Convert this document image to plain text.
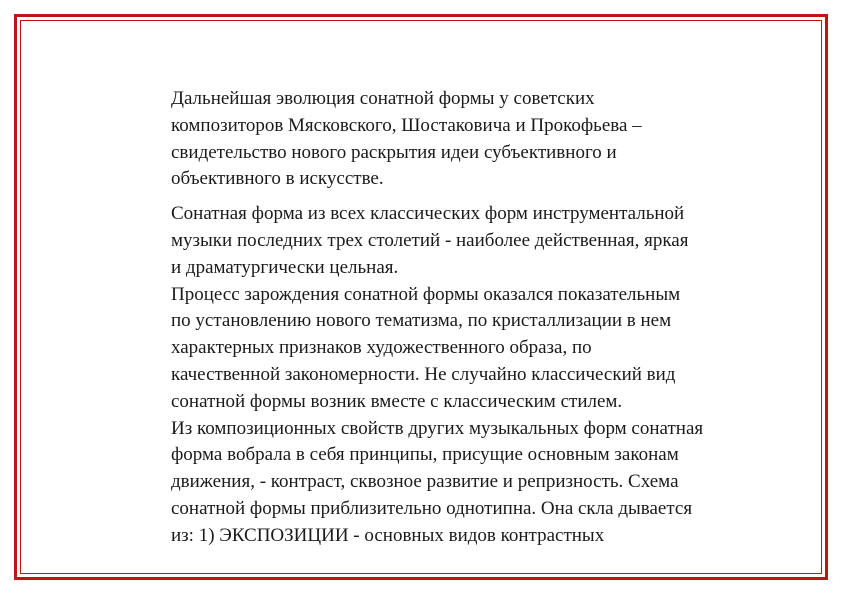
Дальнейшая эволюция сонатной формы у советских
композиторов Мясковского, Шостаковича и Прокофьева –
свидетельство нового раскрытия идеи субъективного и
объективного в искусстве.

Сонатная форма из всех классических форм инструментальной
музыки последних трех столетий - наиболее действенная, яркая
и драматургически цельная.
Процесс зарождения сонатной формы оказался показательным
по установлению нового тематизма, по кристаллизации в нем
характерных признаков художественного образа, по
качественной закономерности. Не случайно классический вид
сонатной формы возник вместе с классическим стилем.
Из композиционных свойств других музыкальных форм сонатная
форма вобрала в себя принципы, присущие основным законам
движения, - контраст, сквозное развитие и репризность. Схема
сонатной формы приблизительно однотипна. Она скла дывается
из: 1) ЭКСПОЗИЦИИ - основных видов контрастных
